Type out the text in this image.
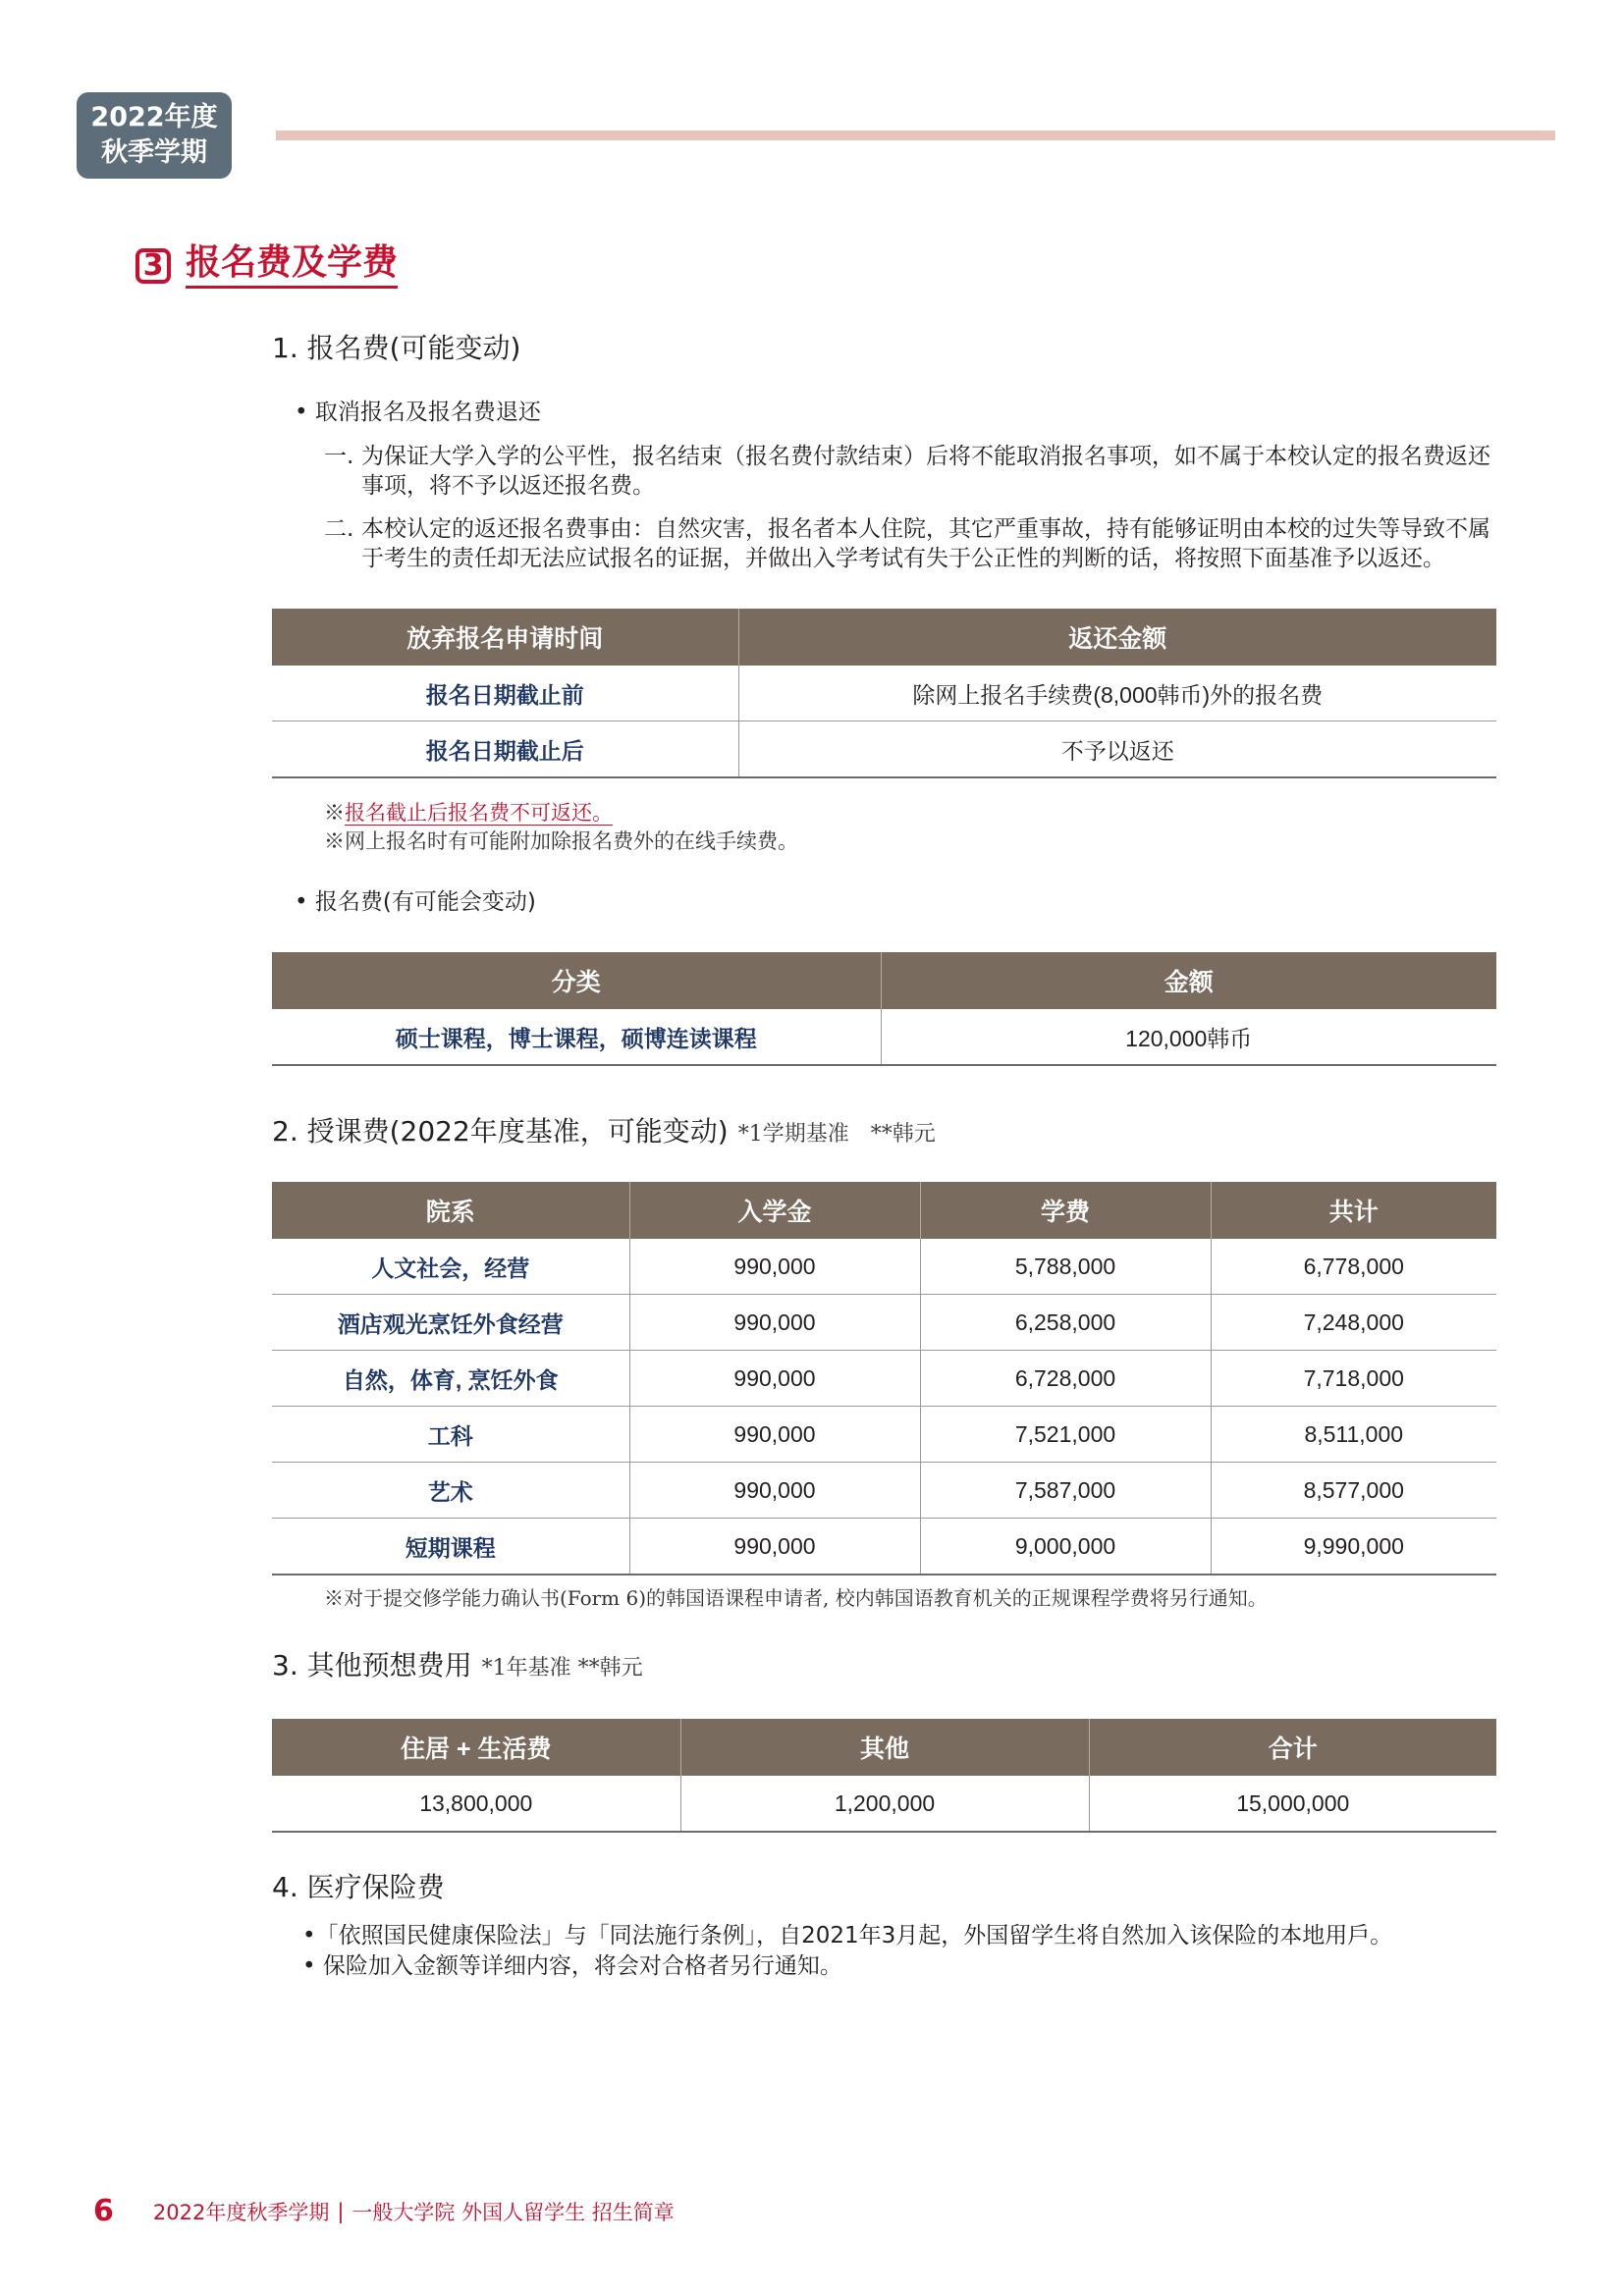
2022年度
秋季学期
3 报名费及学费
1. 报名费(可能变动)
• 取消报名及报名费退还
一. 为保证大学入学的公平性，报名结束（报名费付款结束）后将不能取消报名事项，如不属于本校认定的报名费返还事项，将不予以返还报名费。
二. 本校认定的返还报名费事由：自然灾害，报名者本人住院，其它严重事故，持有能够证明由本校的过失等导致不属于考生的责任却无法应试报名的证据，并做出入学考试有失于公正性的判断的话，将按照下面基准予以返还。
放弃报名申请时间	返还金额
报名日期截止前	除网上报名手续费(8,000韩币)外的报名费
报名日期截止后	不予以返还
※报名截止后报名费不可返还。
※网上报名时有可能附加除报名费外的在线手续费。
• 报名费(有可能会变动)
分类	金额
硕士课程，博士课程，硕博连读课程	120,000韩币
2. 授课费(2022年度基准，可能变动) *1学期基准　**韩元
院系	入学金	学费	共计
人文社会，经营	990,000	5,788,000	6,778,000
酒店观光烹饪外食经营	990,000	6,258,000	7,248,000
自然，体育, 烹饪外食	990,000	6,728,000	7,718,000
工科	990,000	7,521,000	8,511,000
艺术	990,000	7,587,000	8,577,000
短期课程	990,000	9,000,000	9,990,000
※对于提交修学能力确认书(Form 6)的韩国语课程申请者, 校内韩国语教育机关的正规课程学费将另行通知。
3. 其他预想费用 *1年基准 **韩元
住居 + 生活费	其他	合计
13,800,000	1,200,000	15,000,000
4. 医疗保险费
•「依照国民健康保险法」与「同法施行条例」，自2021年3月起，外国留学生将自然加入该保险的本地用戶。
• 保险加入金额等详细内容，将会对合格者另行通知。
6 2022年度秋季学期 | 一般大学院 外国人留学生 招生简章
